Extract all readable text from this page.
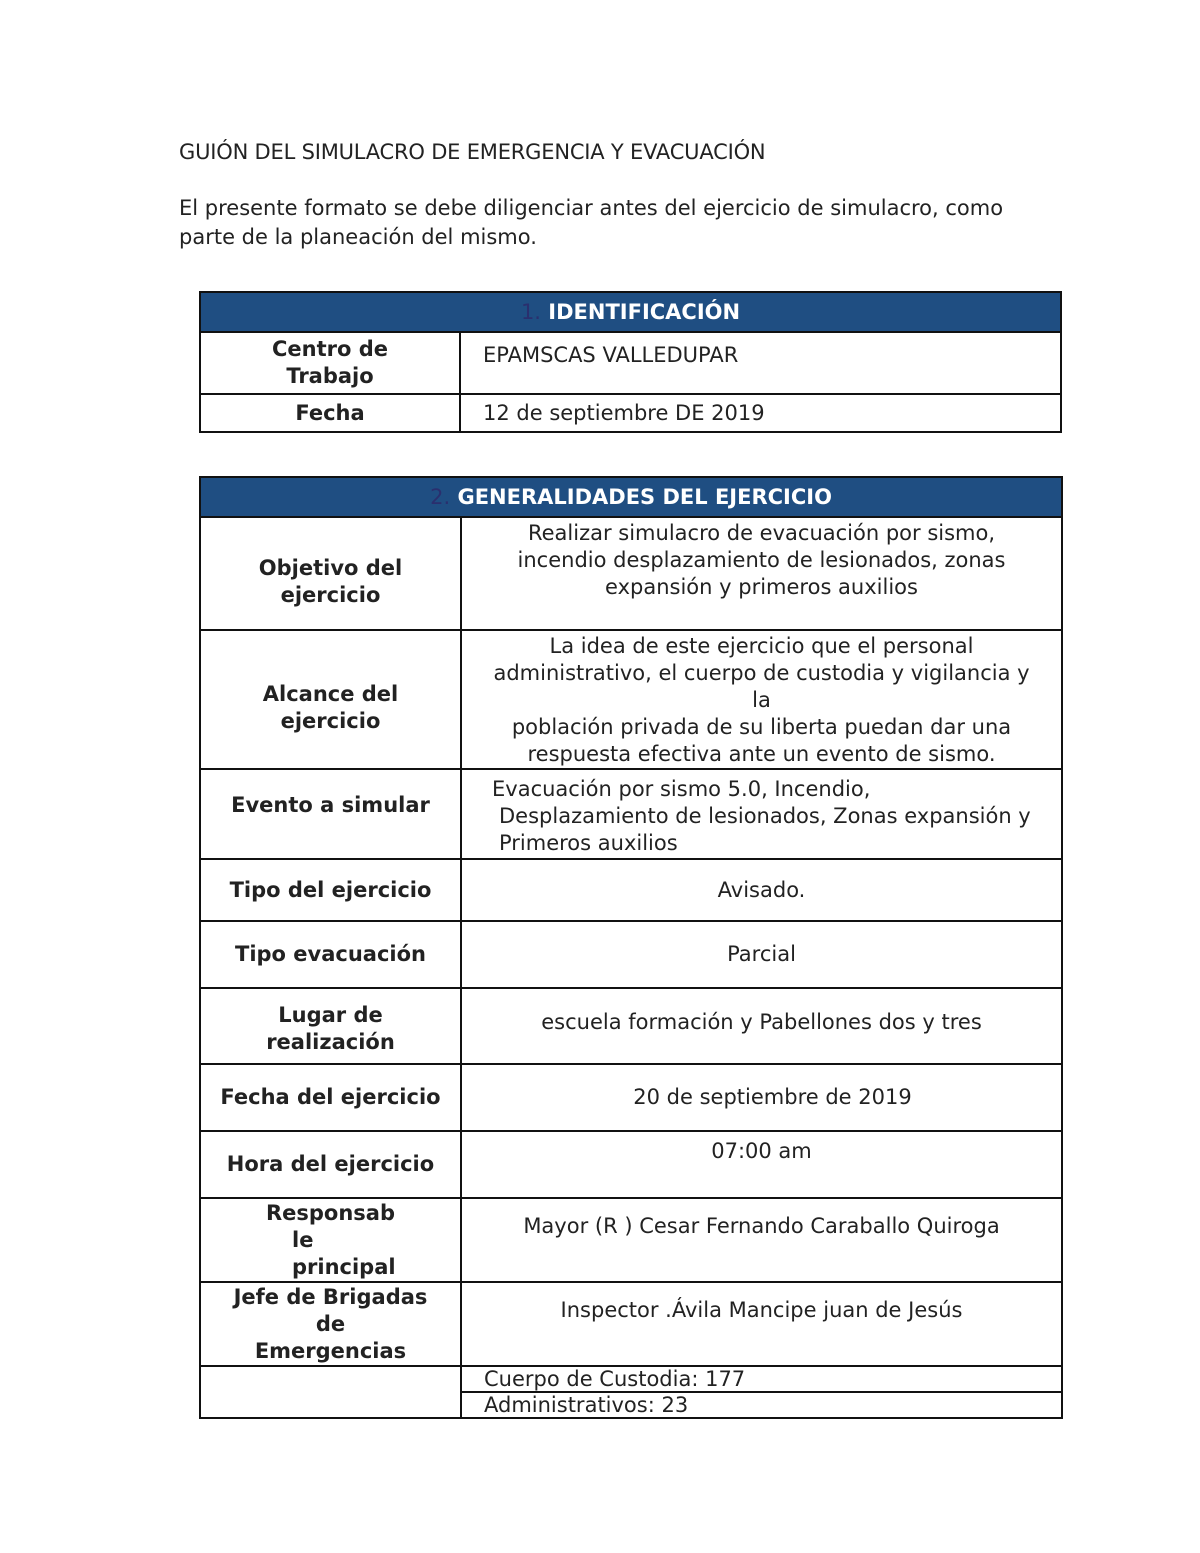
GUIÓN DEL SIMULACRO DE EMERGENCIA Y EVACUACIÓN
El presente formato se debe diligenciar antes del ejercicio de simulacro, como parte de la planeación del mismo.
1. IDENTIFICACIÓN	
Centro de Trabajo	EPAMSCAS VALLEDUPAR
Fecha	12 de septiembre DE 2019
2. GENERALIDADES DEL EJERCICIO	
Objetivo del ejercicio	Realizar simulacro de evacuación por sismo, incendio desplazamiento de lesionados, zonas expansión y primeros auxilios
Alcance del ejercicio	La idea de este ejercicio que el personal
administrativo, el cuerpo de custodia y vigilancia y
la
población privada de su liberta puedan dar una
respuesta efectiva ante un evento de sismo.

Evento a simular	Evacuación por sismo 5.0, Incendio,
Desplazamiento de lesionados, Zonas expansión y
Primeros auxilios

Tipo del ejercicio	Avisado.
Tipo evacuación	Parcial
Lugar de realización	escuela formación y Pabellones dos y tres
Fecha del ejercicio	20 de septiembre de 2019
Hora del ejercicio	07:00 am

Responsab
le
principal	Mayor (R ) Cesar Fernando Caraballo Quiroga

Jefe de Brigadas
de
Emergencias	Inspector .Ávila Mancipe juan de Jesús
	Cuerpo de Custodia: 177
	Administrativos: 23
